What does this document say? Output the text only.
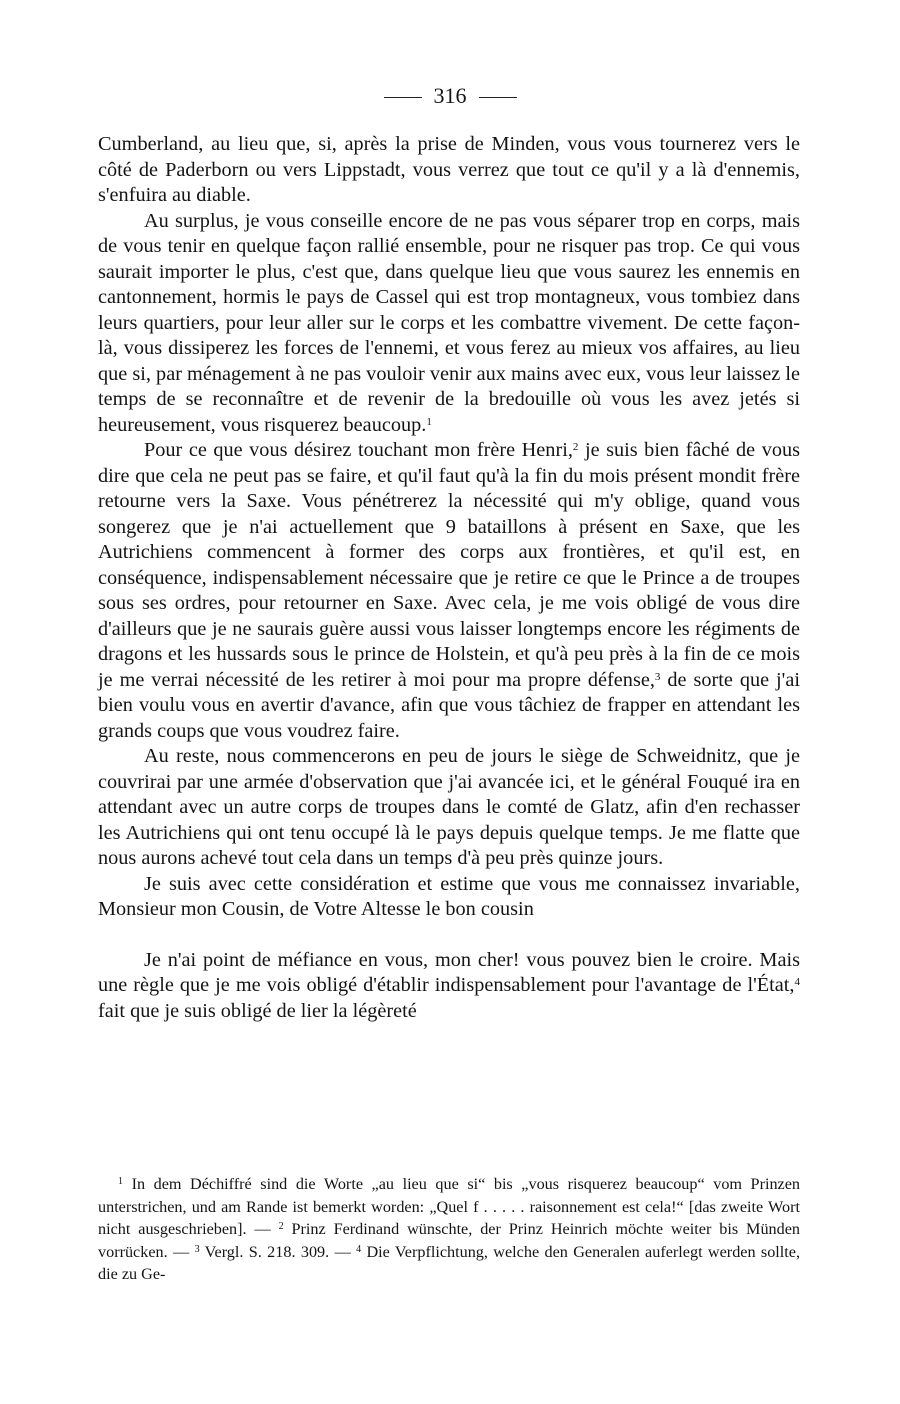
316

Cumberland, au lieu que, si, après la prise de Minden, vous vous tournerez vers le côté de Paderborn ou vers Lippstadt, vous verrez que tout ce qu'il y a là d'ennemis, s'enfuira au diable.

Au surplus, je vous conseille encore de ne pas vous séparer trop en corps, mais de vous tenir en quelque façon rallié ensemble, pour ne risquer pas trop. Ce qui vous saurait importer le plus, c'est que, dans quelque lieu que vous saurez les ennemis en cantonnement, hormis le pays de Cassel qui est trop montagneux, vous tombiez dans leurs quartiers, pour leur aller sur le corps et les combattre vivement. De cette façon-là, vous dissiperez les forces de l'ennemi, et vous ferez au mieux vos affaires, au lieu que si, par ménagement à ne pas vouloir venir aux mains avec eux, vous leur laissez le temps de se reconnaître et de revenir de la bredouille où vous les avez jetés si heureusement, vous risquerez beaucoup.$^1$

Pour ce que vous désirez touchant mon frère Henri,$^2$ je suis bien fâché de vous dire que cela ne peut pas se faire, et qu'il faut qu'à la fin du mois présent mondit frère retourne vers la Saxe. Vous pénétrerez la nécessité qui m'y oblige, quand vous songerez que je n'ai actuellement que 9 bataillons à présent en Saxe, que les Autrichiens commencent à former des corps aux frontières, et qu'il est, en conséquence, indispensablement nécessaire que je retire ce que le Prince a de troupes sous ses ordres, pour retourner en Saxe. Avec cela, je me vois obligé de vous dire d'ailleurs que je ne saurais guère aussi vous laisser longtemps encore les régiments de dragons et les hussards sous le prince de Holstein, et qu'à peu près à la fin de ce mois je me verrai nécessité de les retirer à moi pour ma propre défense,$^3$ de sorte que j'ai bien voulu vous en avertir d'avance, afin que vous tâchiez de frapper en attendant les grands coups que vous voudrez faire.

Au reste, nous commencerons en peu de jours le siège de Schweidnitz, que je couvrirai par une armée d'observation que j'ai avancée ici, et le général Fouqué ira en attendant avec un autre corps de troupes dans le comté de Glatz, afin d'en rechasser les Autrichiens qui ont tenu occupé là le pays depuis quelque temps. Je me flatte que nous aurons achevé tout cela dans un temps d'à peu près quinze jours.

Je suis avec cette considération et estime que vous me connaissez invariable, Monsieur mon Cousin, de Votre Altesse le bon cousin

Je n'ai point de méfiance en vous, mon cher! vous pouvez bien le croire. Mais une règle que je me vois obligé d'établir indispensablement pour l'avantage de l'État,$^4$ fait que je suis obligé de lier la légèreté

$^1$ In dem Déchiffré sind die Worte „au lieu que si“ bis „vous risquerez beaucoup“ vom Prinzen unterstrichen, und am Rande ist bemerkt worden: „Quel f . . . . . raisonnement est cela!“ [das zweite Wort nicht ausgeschrieben]. — $^2$ Prinz Ferdinand wünschte, der Prinz Heinrich möchte weiter bis Münden vorrücken. — $^3$ Vergl. S. 218. 309. — $^4$ Die Verpflichtung, welche den Generalen auferlegt werden sollte, die zu Ge-
